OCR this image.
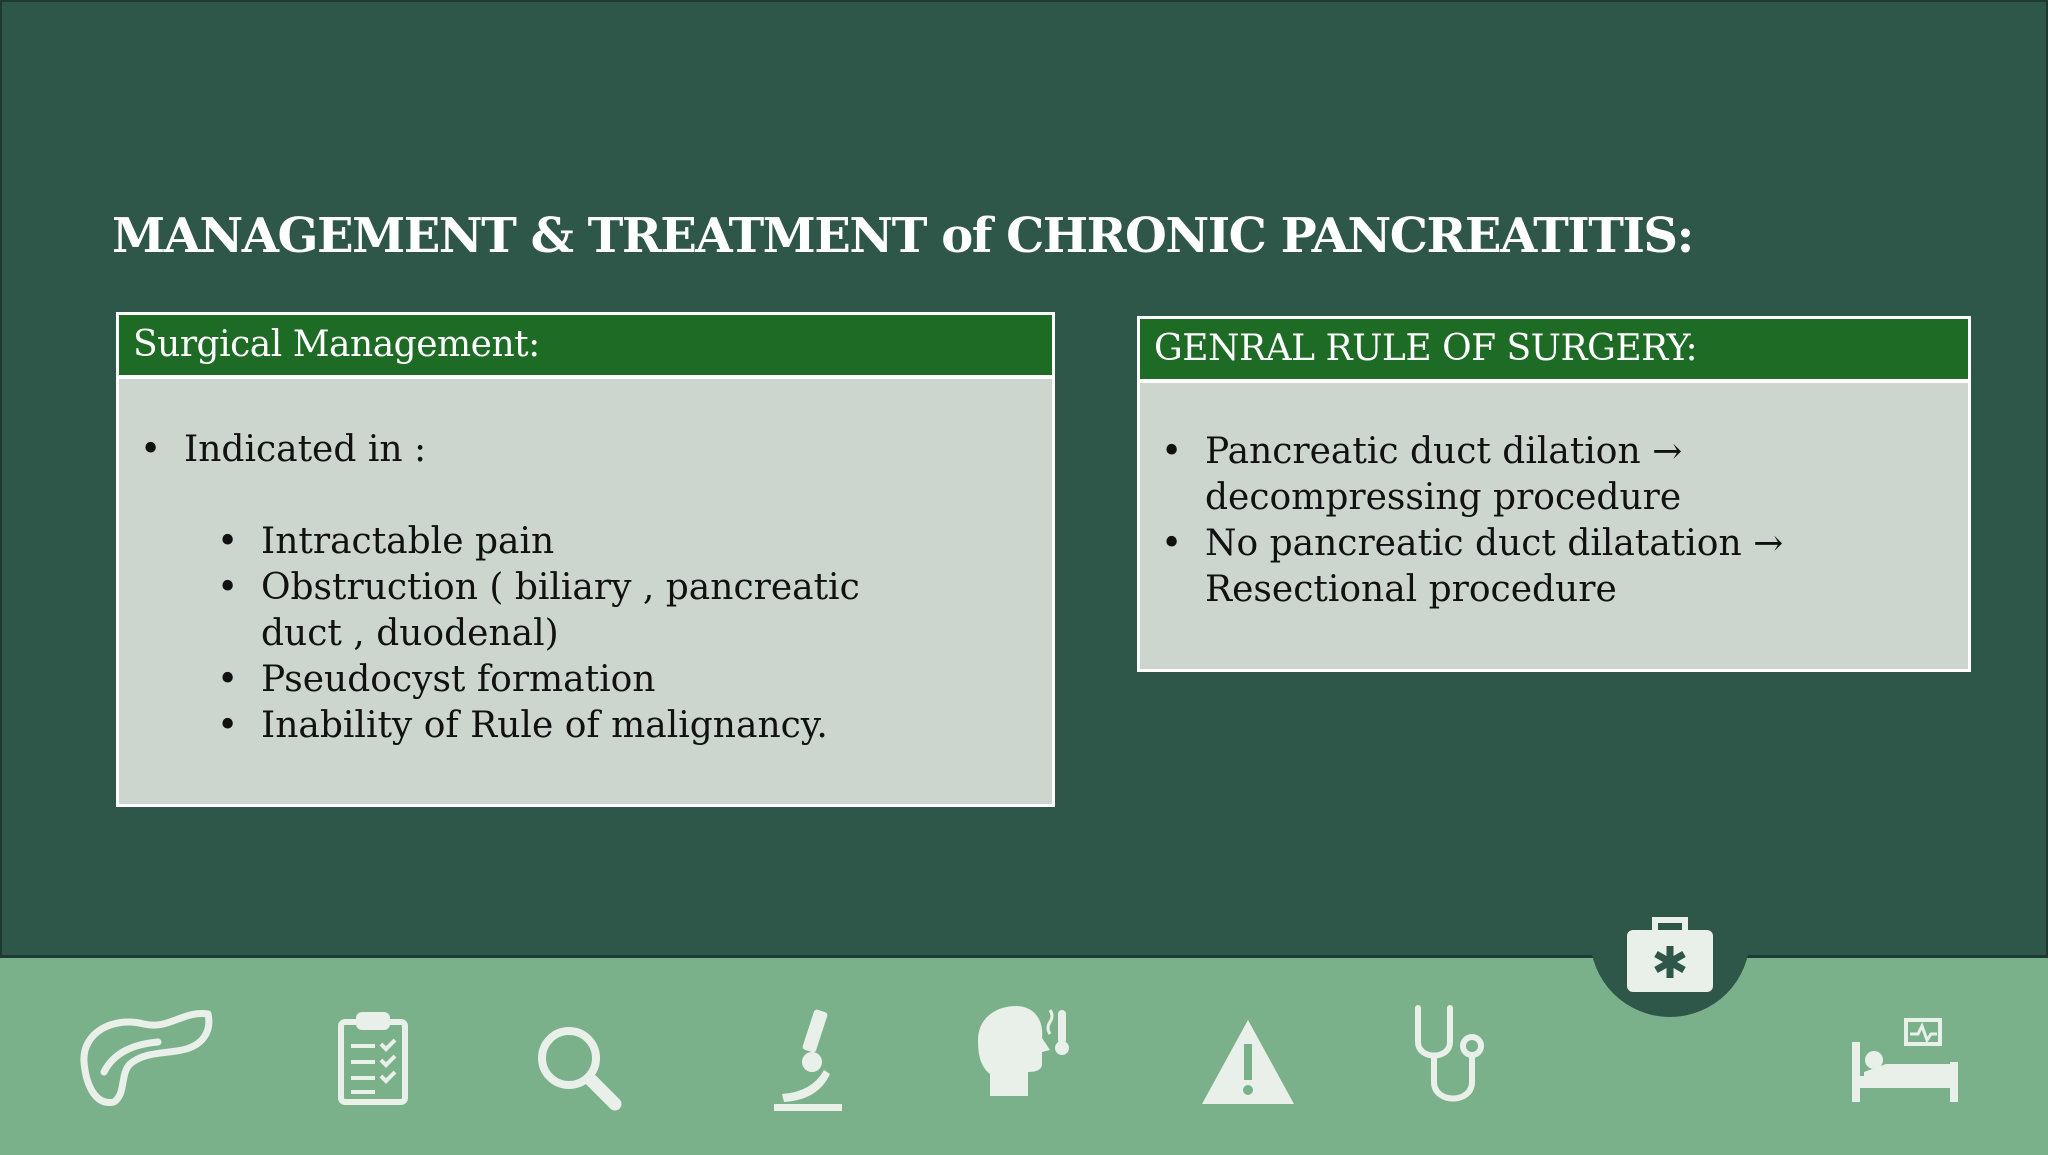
MANAGEMENT & TREATMENT of CHRONIC PANCREATITIS:
Surgical Management:
• Indicated in :
• Intractable pain
• Obstruction ( biliary , pancreatic duct , duodenal)
• Pseudocyst formation
• Inability of Rule of malignancy.
GENRAL RULE OF SURGERY:
• Pancreatic duct dilation → decompressing procedure
• No pancreatic duct dilatation → Resectional procedure
